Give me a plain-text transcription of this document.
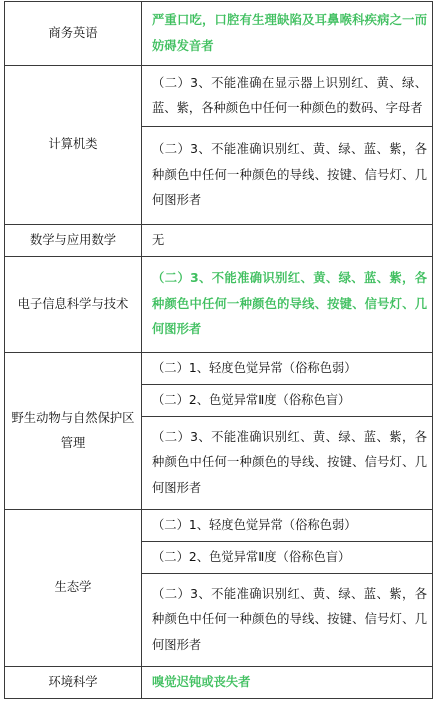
商务英语	严重口吃，口腔有生理缺陷及耳鼻喉科疾病之一而妨碍发音者
计算机类	（二）3、不能准确在显示器上识别红、黄、绿、蓝、紫，各种颜色中任何一种颜色的数码、字母者
	（二）3、不能准确识别红、黄、绿、蓝、紫，各种颜色中任何一种颜色的导线、按键、信号灯、几何图形者
数学与应用数学	无
电子信息科学与技术	（二）3、不能准确识别红、黄、绿、蓝、紫，各种颜色中任何一种颜色的导线、按键、信号灯、几何图形者
野生动物与自然保护区管理	（二）1、轻度色觉异常（俗称色弱）
	（二）2、色觉异常Ⅱ度（俗称色盲）
	（二）3、不能准确识别红、黄、绿、蓝、紫，各种颜色中任何一种颜色的导线、按键、信号灯、几何图形者
生态学	（二）1、轻度色觉异常（俗称色弱）
	（二）2、色觉异常Ⅱ度（俗称色盲）
	（二）3、不能准确识别红、黄、绿、蓝、紫，各种颜色中任何一种颜色的导线、按键、信号灯、几何图形者
环境科学	嗅觉迟钝或丧失者
